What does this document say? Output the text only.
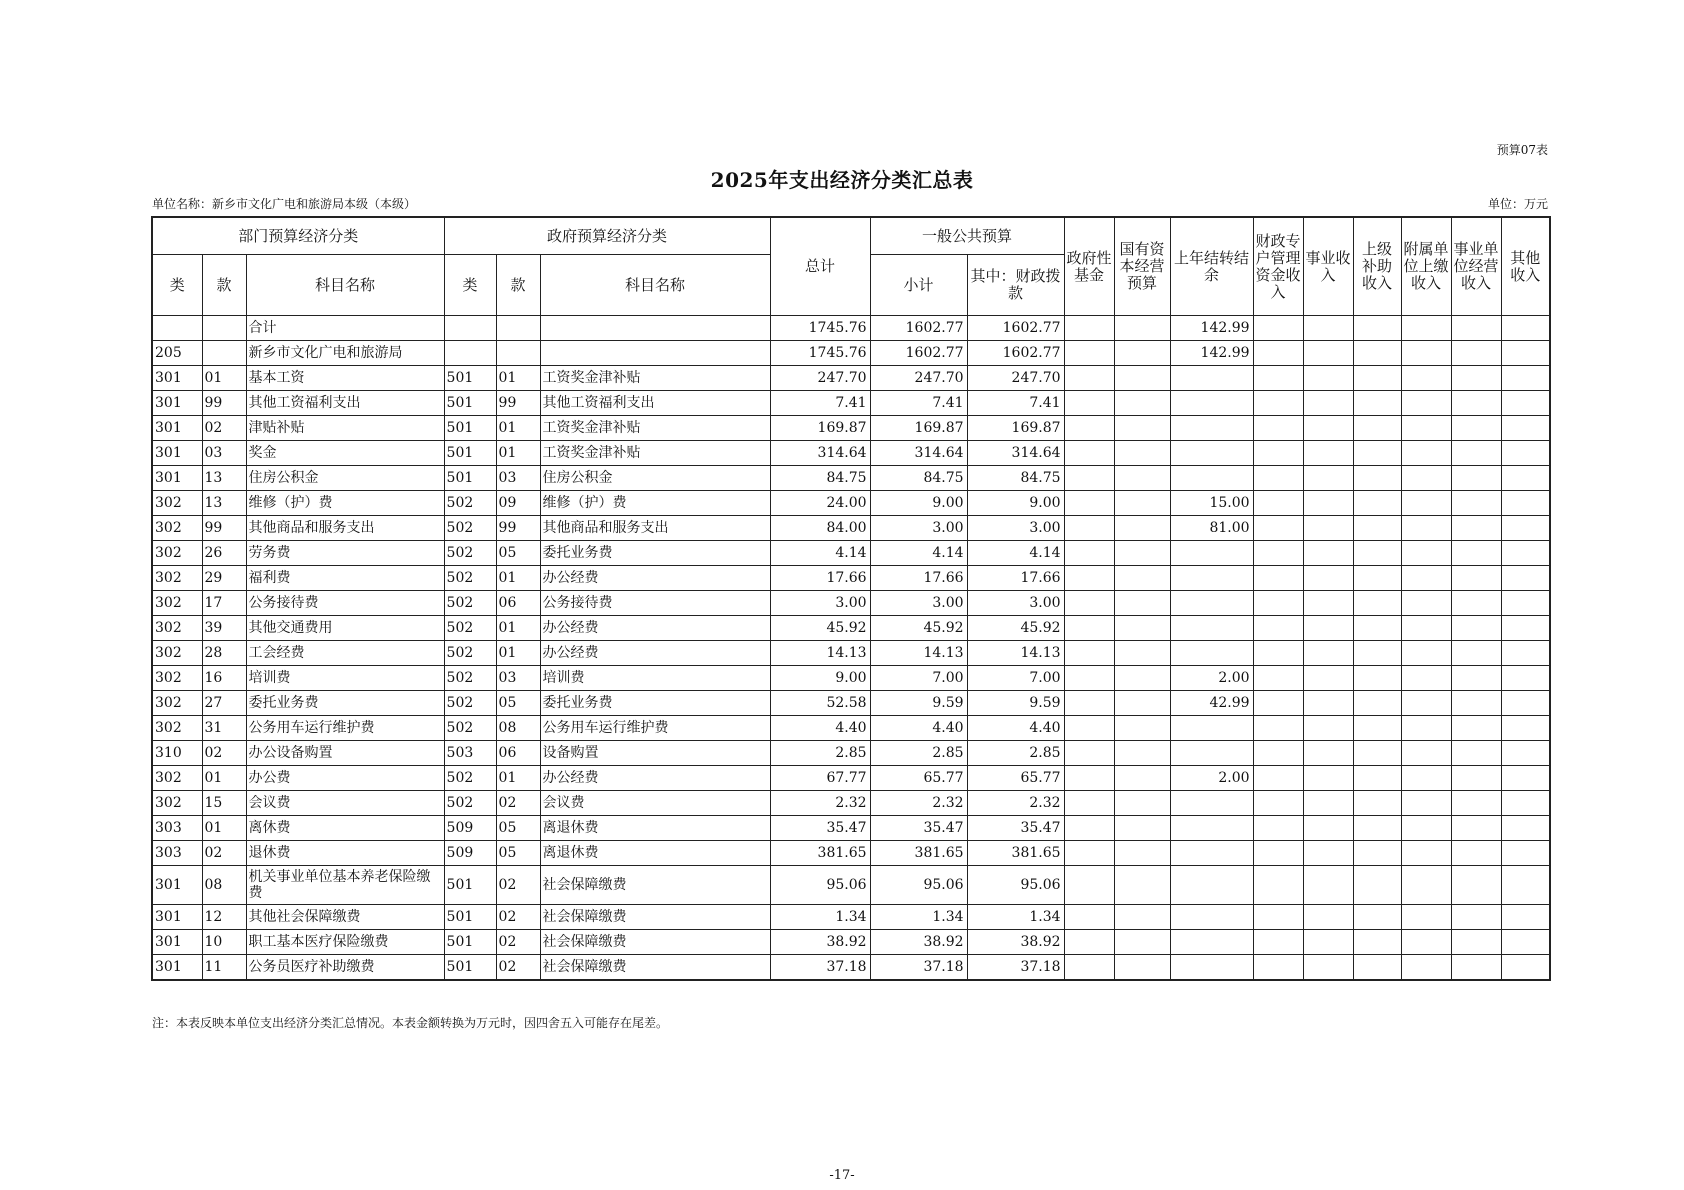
预算07表
2025年支出经济分类汇总表
单位名称：新乡市文化广电和旅游局本级（本级）	单位：万元
部门预算经济分类			政府预算经济分类			总计	一般公共预算		政府性基金	国有资本经营预算	上年结转结余	财政专户管理资金收入	事业收入	上级补助收入	附属单位上缴收入	事业单位经营收入	其他收入
类	款	科目名称	类	款	科目名称		小计	其中：财政拨款									
		合计				1745.76	1602.77	1602.77			142.99						
205		新乡市文化广电和旅游局				1745.76	1602.77	1602.77			142.99						
301	01	基本工资	501	01	工资奖金津补贴	247.70	247.70	247.70									
301	99	其他工资福利支出	501	99	其他工资福利支出	7.41	7.41	7.41									
301	02	津贴补贴	501	01	工资奖金津补贴	169.87	169.87	169.87									
301	03	奖金	501	01	工资奖金津补贴	314.64	314.64	314.64									
301	13	住房公积金	501	03	住房公积金	84.75	84.75	84.75									
302	13	维修（护）费	502	09	维修（护）费	24.00	9.00	9.00			15.00						
302	99	其他商品和服务支出	502	99	其他商品和服务支出	84.00	3.00	3.00			81.00						
302	26	劳务费	502	05	委托业务费	4.14	4.14	4.14									
302	29	福利费	502	01	办公经费	17.66	17.66	17.66									
302	17	公务接待费	502	06	公务接待费	3.00	3.00	3.00									
302	39	其他交通费用	502	01	办公经费	45.92	45.92	45.92									
302	28	工会经费	502	01	办公经费	14.13	14.13	14.13									
302	16	培训费	502	03	培训费	9.00	7.00	7.00			2.00						
302	27	委托业务费	502	05	委托业务费	52.58	9.59	9.59			42.99						
302	31	公务用车运行维护费	502	08	公务用车运行维护费	4.40	4.40	4.40									
310	02	办公设备购置	503	06	设备购置	2.85	2.85	2.85									
302	01	办公费	502	01	办公经费	67.77	65.77	65.77			2.00						
302	15	会议费	502	02	会议费	2.32	2.32	2.32									
303	01	离休费	509	05	离退休费	35.47	35.47	35.47									
303	02	退休费	509	05	离退休费	381.65	381.65	381.65									
301	08	机关事业单位基本养老保险缴费	501	02	社会保障缴费	95.06	95.06	95.06									
301	12	其他社会保障缴费	501	02	社会保障缴费	1.34	1.34	1.34									
301	10	职工基本医疗保险缴费	501	02	社会保障缴费	38.92	38.92	38.92									
301	11	公务员医疗补助缴费	501	02	社会保障缴费	37.18	37.18	37.18									
注：本表反映本单位支出经济分类汇总情况。本表金额转换为万元时，因四舍五入可能存在尾差。
-17-
